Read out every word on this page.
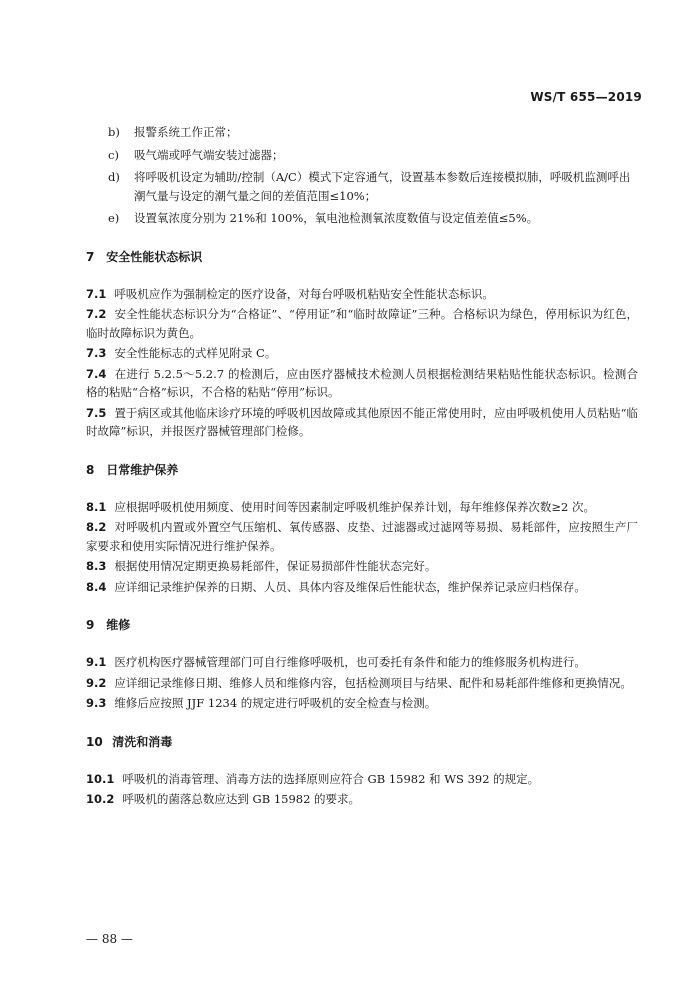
WS/T 655—2019
b) 报警系统工作正常；
c) 吸气端或呼气端安装过滤器；
d) 将呼吸机设定为辅助/控制（A/C）模式下定容通气，设置基本参数后连接模拟肺，呼吸机监测呼出潮气量与设定的潮气量之间的差值范围≤10%；
e) 设置氧浓度分别为 21%和 100%，氧电池检测氧浓度数值与设定值差值≤5%。
7 安全性能状态标识
7.1 呼吸机应作为强制检定的医疗设备，对每台呼吸机粘贴安全性能状态标识。
7.2 安全性能状态标识分为“合格证”、“停用证”和“临时故障证”三种。合格标识为绿色，停用标识为红色，临时故障标识为黄色。
7.3 安全性能标志的式样见附录 C。
7.4 在进行 5.2.5～5.2.7 的检测后，应由医疗器械技术检测人员根据检测结果粘贴性能状态标识。检测合格的粘贴“合格”标识，不合格的粘贴“停用”标识。
7.5 置于病区或其他临床诊疗环境的呼吸机因故障或其他原因不能正常使用时，应由呼吸机使用人员粘贴“临时故障”标识，并报医疗器械管理部门检修。
8 日常维护保养
8.1 应根据呼吸机使用频度、使用时间等因素制定呼吸机维护保养计划，每年维修保养次数≥2 次。
8.2 对呼吸机内置或外置空气压缩机、氧传感器、皮垫、过滤器或过滤网等易损、易耗部件，应按照生产厂家要求和使用实际情况进行维护保养。
8.3 根据使用情况定期更换易耗部件，保证易损部件性能状态完好。
8.4 应详细记录维护保养的日期、人员、具体内容及维保后性能状态，维护保养记录应归档保存。
9 维修
9.1 医疗机构医疗器械管理部门可自行维修呼吸机，也可委托有条件和能力的维修服务机构进行。
9.2 应详细记录维修日期、维修人员和维修内容，包括检测项目与结果、配件和易耗部件维修和更换情况。
9.3 维修后应按照 JJF 1234 的规定进行呼吸机的安全检查与检测。
10 清洗和消毒
10.1 呼吸机的消毒管理、消毒方法的选择原则应符合 GB 15982 和 WS 392 的规定。
10.2 呼吸机的菌落总数应达到 GB 15982 的要求。
— 88 —
